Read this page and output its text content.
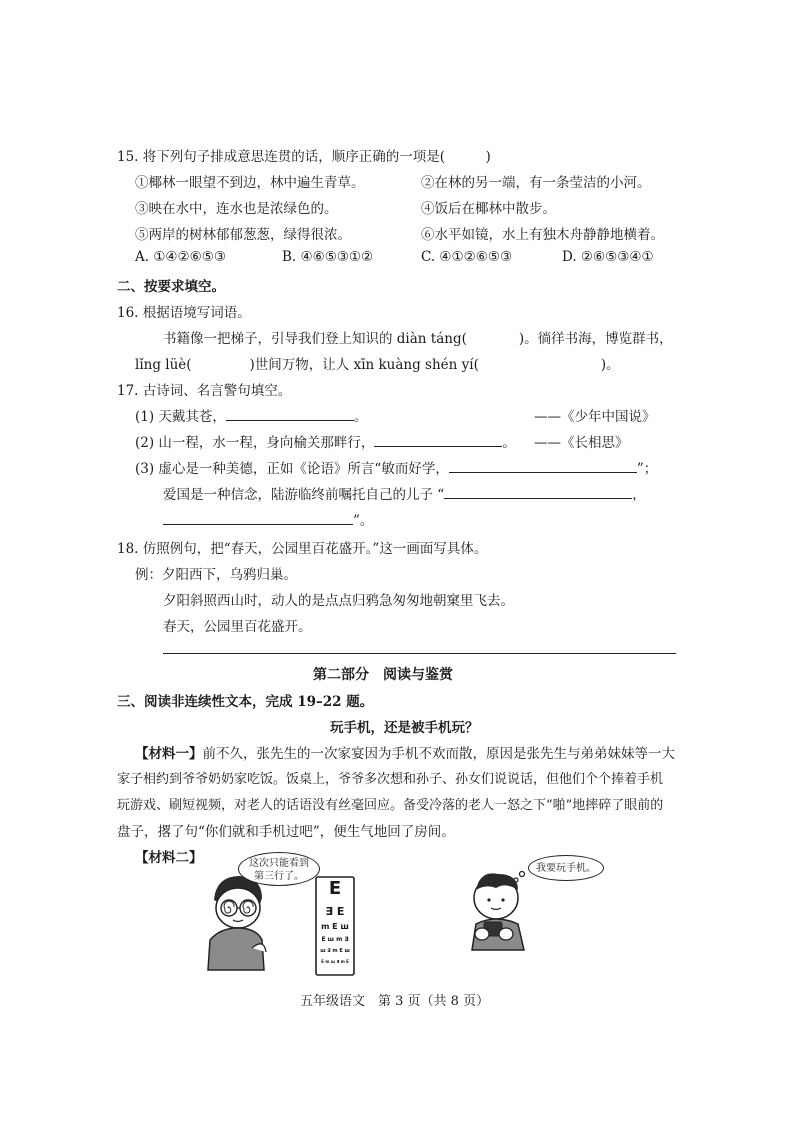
15. 将下列句子排成意思连贯的话，顺序正确的一项是(　　　)
①椰林一眼望不到边，林中遍生青草。	②在林的另一端，有一条莹洁的小河。
③映在水中，连水也是浓绿色的。	④饭后在椰林中散步。
⑤两岸的树林郁郁葱葱，绿得很浓。	⑥水平如镜，水上有独木舟静静地横着。
A. ①④②⑥⑤③	B. ④⑥⑤③①②	C. ④①②⑥⑤③	D. ②⑥⑤③④①
二、按要求填空。
16. 根据语境写词语。
书籍像一把梯子，引导我们登上知识的 diàn táng(	)。徜徉书海，博览群书，
lǐng lüè(	)世间万物，让人 xīn kuàng shén yí(	)。
17. 古诗词、名言警句填空。
(1) 天戴其苍，	。	——《少年中国说》
(2) 山一程，水一程，身向榆关那畔行，	。 ——《长相思》
(3) 虚心是一种美德，正如《论语》所言“敏而好学，	”；
爱国是一种信念，陆游临终前嘱托自己的儿子 “	，
”。
18. 仿照例句，把“春天，公园里百花盛开。”这一画面写具体。
例：夕阳西下，乌鸦归巢。
夕阳斜照西山时，动人的是点点归鸦急匆匆地朝窠里飞去。
春天，公园里百花盛开。
第二部分　阅读与鉴赏
三、阅读非连续性文本，完成 19–22 题。
玩手机，还是被手机玩？
【材料一】前不久，张先生的一次家宴因为手机不欢而散，原因是张先生与弟弟妹妹等一大
家子相约到爷爷奶奶家吃饭。饭桌上，爷爷多次想和孙子、孙女们说说话，但他们个个捧着手机
玩游戏、刷短视频，对老人的话语没有丝毫回应。备受冷落的老人一怒之下“啪”地摔碎了眼前的
盘子，撂了句“你们就和手机过吧”，便生气地回了房间。
【材料二】	这次只能看到
第三行了。
E
∃ E
m E ш
E ш m ∃
ш ∃ m E ш
E m ш ∃ m E
我要玩手机。
五年级语文　第 3 页（共 8 页）
